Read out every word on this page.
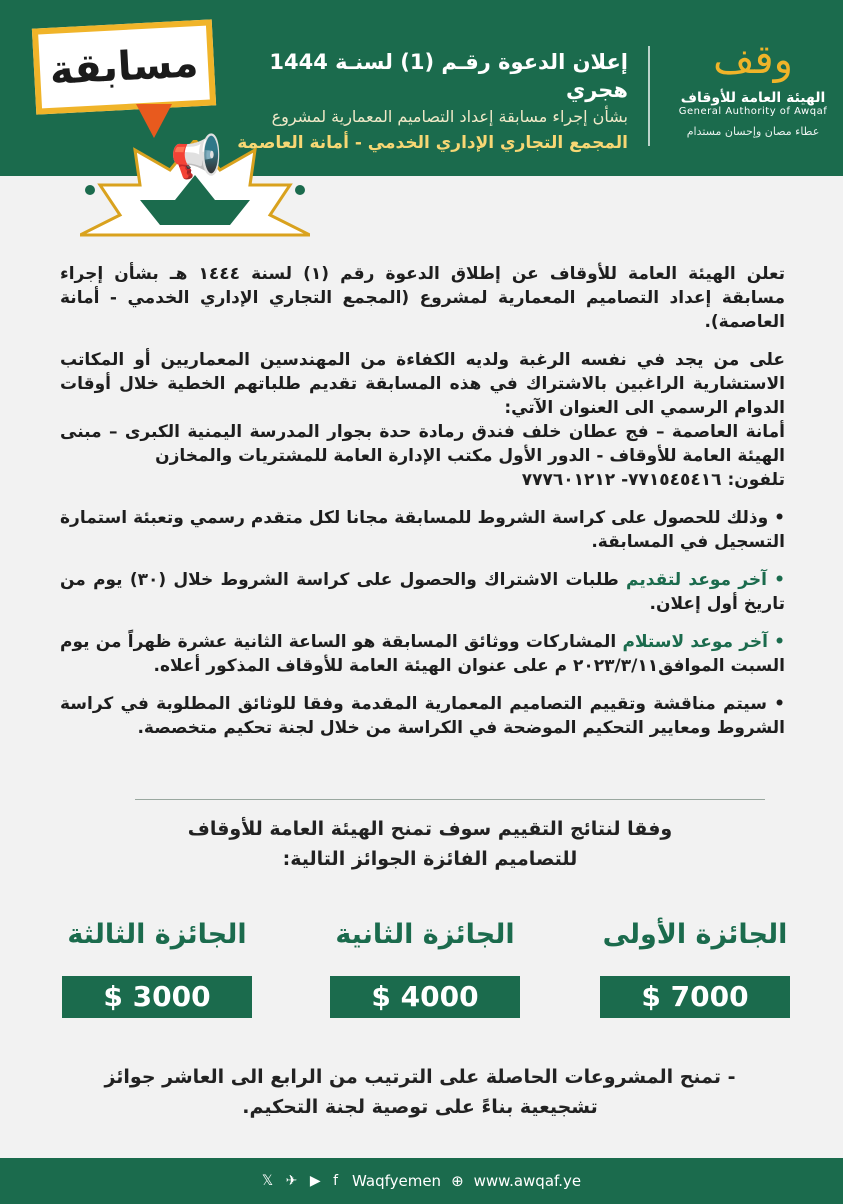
مسابقة
📢
إعلان الدعوة رقـم (1) لسنـة 1444 هجري
بشأن إجراء مسابقة إعداد التصاميم المعمارية لمشروع
المجمع التجاري الإداري الخدمي - أمانة العاصمة
وقف
الهيئة العامة للأوقاف
General Authority of Awqaf
عطاء مصان وإحسان مستدام

تعلن الهيئة العامة للأوقاف عن إطلاق الدعوة رقم (١) لسنة ١٤٤٤ هـ بشأن إجراء مسابقة إعداد التصاميم المعمارية لمشروع (المجمع التجاري الإداري الخدمي - أمانة العاصمة).

على من يجد في نفسه الرغبة ولديه الكفاءة من المهندسين المعماريين أو المكاتب الاستشارية الراغبين بالاشتراك في هذه المسابقة تقديم طلباتهم الخطية خلال أوقات الدوام الرسمي الى العنوان الآتي:
أمانة العاصمة – فج عطان خلف فندق رمادة حدة بجوار المدرسة اليمنية الكبرى – مبنى الهيئة العامة للأوقاف - الدور الأول مكتب الإدارة العامة للمشتريات والمخازن
تلفون: ٧٧١٥٤٥٤١٦- ٧٧٧٦٠١٢١٢

• وذلك للحصول على كراسة الشروط للمسابقة مجانا لكل متقدم رسمي وتعبئة استمارة التسجيل في المسابقة.

• آخر موعد لتقديم طلبات الاشتراك والحصول على كراسة الشروط خلال (٣٠) يوم من تاريخ أول إعلان.

• آخر موعد لاستلام المشاركات ووثائق المسابقة هو الساعة الثانية عشرة ظهراً من يوم السبت الموافق٢٠٢٣/٣/١١ م على عنوان الهيئة العامة للأوقاف المذكور أعلاه.

• سيتم مناقشة وتقييم التصاميم المعمارية المقدمة وفقا للوثائق المطلوبة في كراسة الشروط ومعايير التحكيم الموضحة في الكراسة من خلال لجنة تحكيم متخصصة.

وفقا لنتائج التقييم سوف تمنح الهيئة العامة للأوقاف
للتصاميم الفائزة الجوائز التالية:
الجائزة الأولى
$ 7000
الجائزة الثانية
$ 4000
الجائزة الثالثة
$ 3000
- تمنح المشروعات الحاصلة على الترتيب من الرابع الى العاشر جوائز تشجيعية بناءً على توصية لجنة التحكيم.
𝕏 ✈ ▶ f Waqfyemen ⊕ www.awqaf.ye
